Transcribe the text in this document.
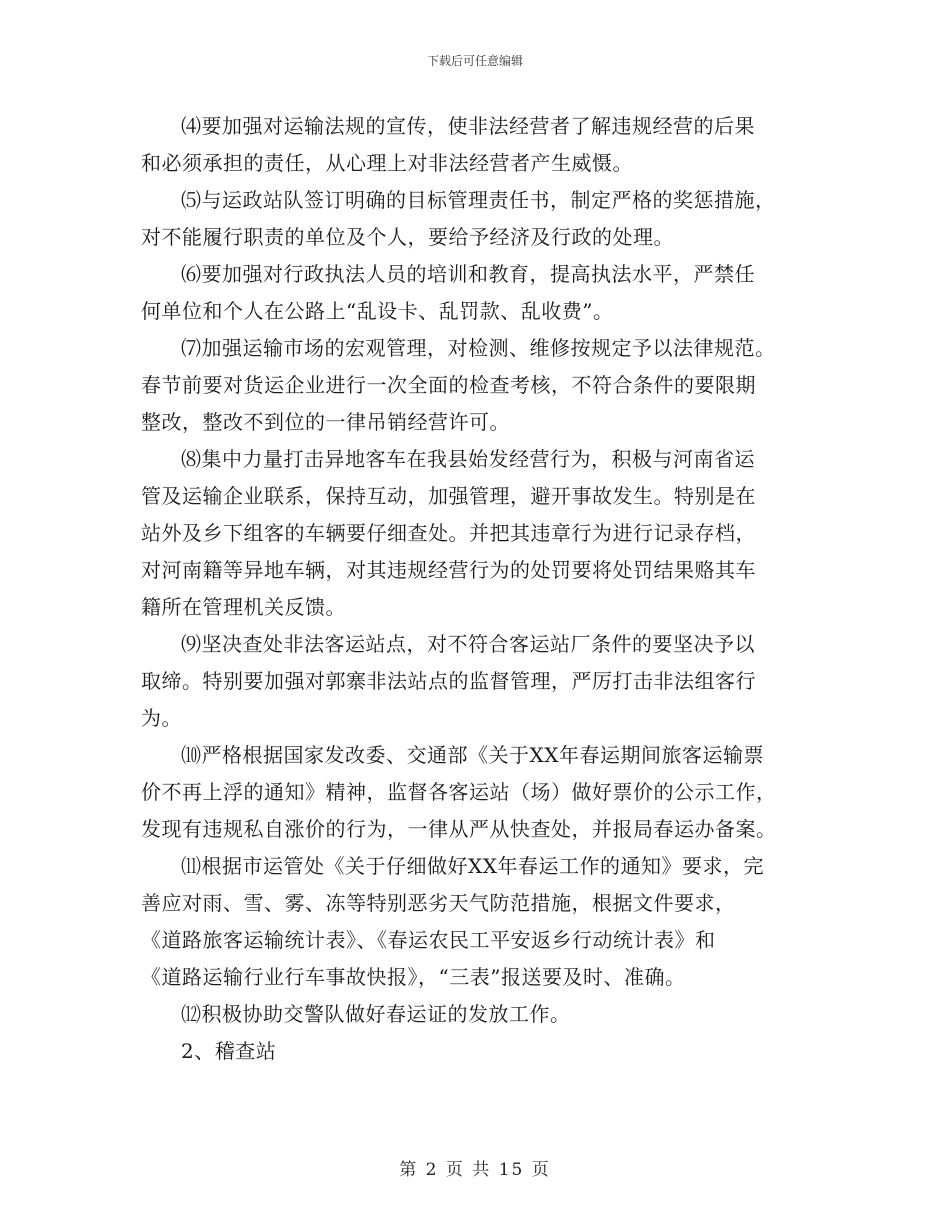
下载后可任意编辑
⑷要加强对运输法规的宣传，使非法经营者了解违规经营的后果
和必须承担的责任，从心理上对非法经营者产生威慑。
⑸与运政站队签订明确的目标管理责任书，制定严格的奖惩措施，
对不能履行职责的单位及个人，要给予经济及行政的处理。
⑹要加强对行政执法人员的培训和教育，提高执法水平，严禁任
何单位和个人在公路上“乱设卡、乱罚款、乱收费”。
⑺加强运输市场的宏观管理，对检测、维修按规定予以法律规范。
春节前要对货运企业进行一次全面的检查考核，不符合条件的要限期
整改，整改不到位的一律吊销经营许可。
⑻集中力量打击异地客车在我县始发经营行为，积极与河南省运
管及运输企业联系，保持互动，加强管理，避开事故发生。特别是在
站外及乡下组客的车辆要仔细查处。并把其违章行为进行记录存档，
对河南籍等异地车辆，对其违规经营行为的处罚要将处罚结果赂其车
籍所在管理机关反馈。
⑼坚决查处非法客运站点，对不符合客运站厂条件的要坚决予以
取缔。特别要加强对郭寨非法站点的监督管理，严厉打击非法组客行
为。
⑽严格根据国家发改委、交通部《关于XX年春运期间旅客运输票
价不再上浮的通知》精神，监督各客运站（场）做好票价的公示工作，
发现有违规私自涨价的行为，一律从严从快查处，并报局春运办备案。
⑾根据市运管处《关于仔细做好XX年春运工作的通知》要求，完
善应对雨、雪、雾、冻等特别恶劣天气防范措施，根据文件要求，
《道路旅客运输统计表》、《春运农民工平安返乡行动统计表》和
《道路运输行业行车事故快报》，“三表”报送要及时、准确。
⑿积极协助交警队做好春运证的发放工作。
2、稽查站
第 2 页 共 15 页
